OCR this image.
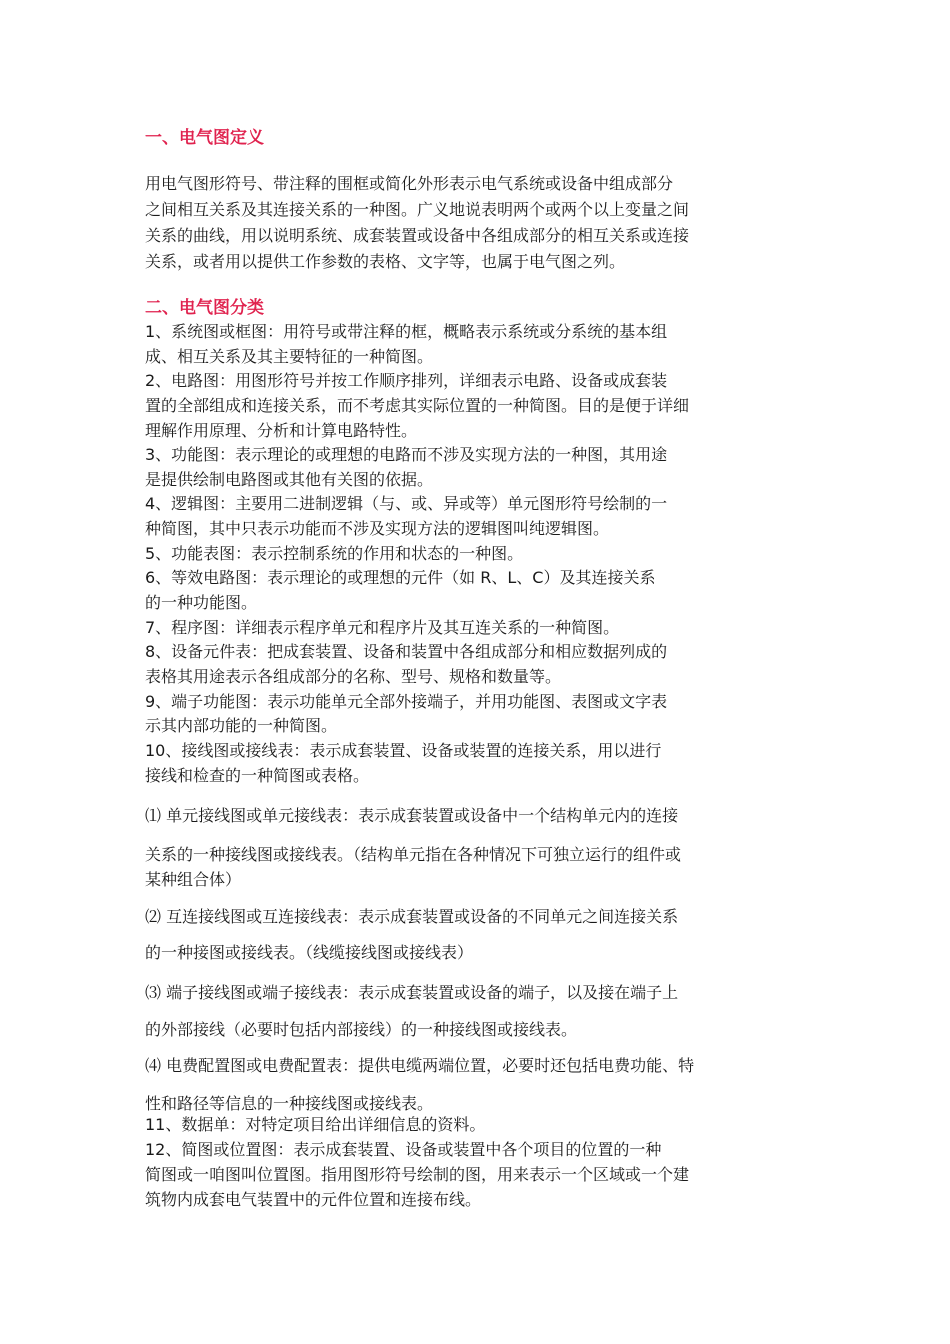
一、电气图定义

用电气图形符号、带注释的围框或简化外形表示电气系统或设备中组成部分

之间相互关系及其连接关系的一种图。广义地说表明两个或两个以上变量之间

关系的曲线，用以说明系统、成套装置或设备中各组成部分的相互关系或连接

关系，或者用以提供工作参数的表格、文字等，也属于电气图之列。

二、电气图分类

1、系统图或框图：用符号或带注释的框，概略表示系统或分系统的基本组

成、相互关系及其主要特征的一种简图。

2、电路图：用图形符号并按工作顺序排列，详细表示电路、设备或成套装

置的全部组成和连接关系，而不考虑其实际位置的一种简图。目的是便于详细

理解作用原理、分析和计算电路特性。

3、功能图：表示理论的或理想的电路而不涉及实现方法的一种图，其用途

是提供绘制电路图或其他有关图的依据。

4、逻辑图：主要用二进制逻辑（与、或、异或等）单元图形符号绘制的一

种简图，其中只表示功能而不涉及实现方法的逻辑图叫纯逻辑图。

5、功能表图：表示控制系统的作用和状态的一种图。

6、等效电路图：表示理论的或理想的元件（如 R、L、C）及其连接关系

的一种功能图。

7、程序图：详细表示程序单元和程序片及其互连关系的一种简图。

8、设备元件表：把成套装置、设备和装置中各组成部分和相应数据列成的

表格其用途表示各组成部分的名称、型号、规格和数量等。

9、端子功能图：表示功能单元全部外接端子，并用功能图、表图或文字表

示其内部功能的一种简图。

10、接线图或接线表：表示成套装置、设备或装置的连接关系，用以进行

接线和检查的一种简图或表格。

⑴ 单元接线图或单元接线表：表示成套装置或设备中一个结构单元内的连接

关系的一种接线图或接线表。（结构单元指在各种情况下可独立运行的组件或

某种组合体）

⑵ 互连接线图或互连接线表：表示成套装置或设备的不同单元之间连接关系

的一种接图或接线表。（线缆接线图或接线表）

⑶ 端子接线图或端子接线表：表示成套装置或设备的端子，以及接在端子上

的外部接线（必要时包括内部接线）的一种接线图或接线表。

⑷ 电费配置图或电费配置表：提供电缆两端位置，必要时还包括电费功能、特

性和路径等信息的一种接线图或接线表。

11、数据单：对特定项目给出详细信息的资料。

12、简图或位置图：表示成套装置、设备或装置中各个项目的位置的一种

简图或一咱图叫位置图。指用图形符号绘制的图，用来表示一个区域或一个建

筑物内成套电气装置中的元件位置和连接布线。
